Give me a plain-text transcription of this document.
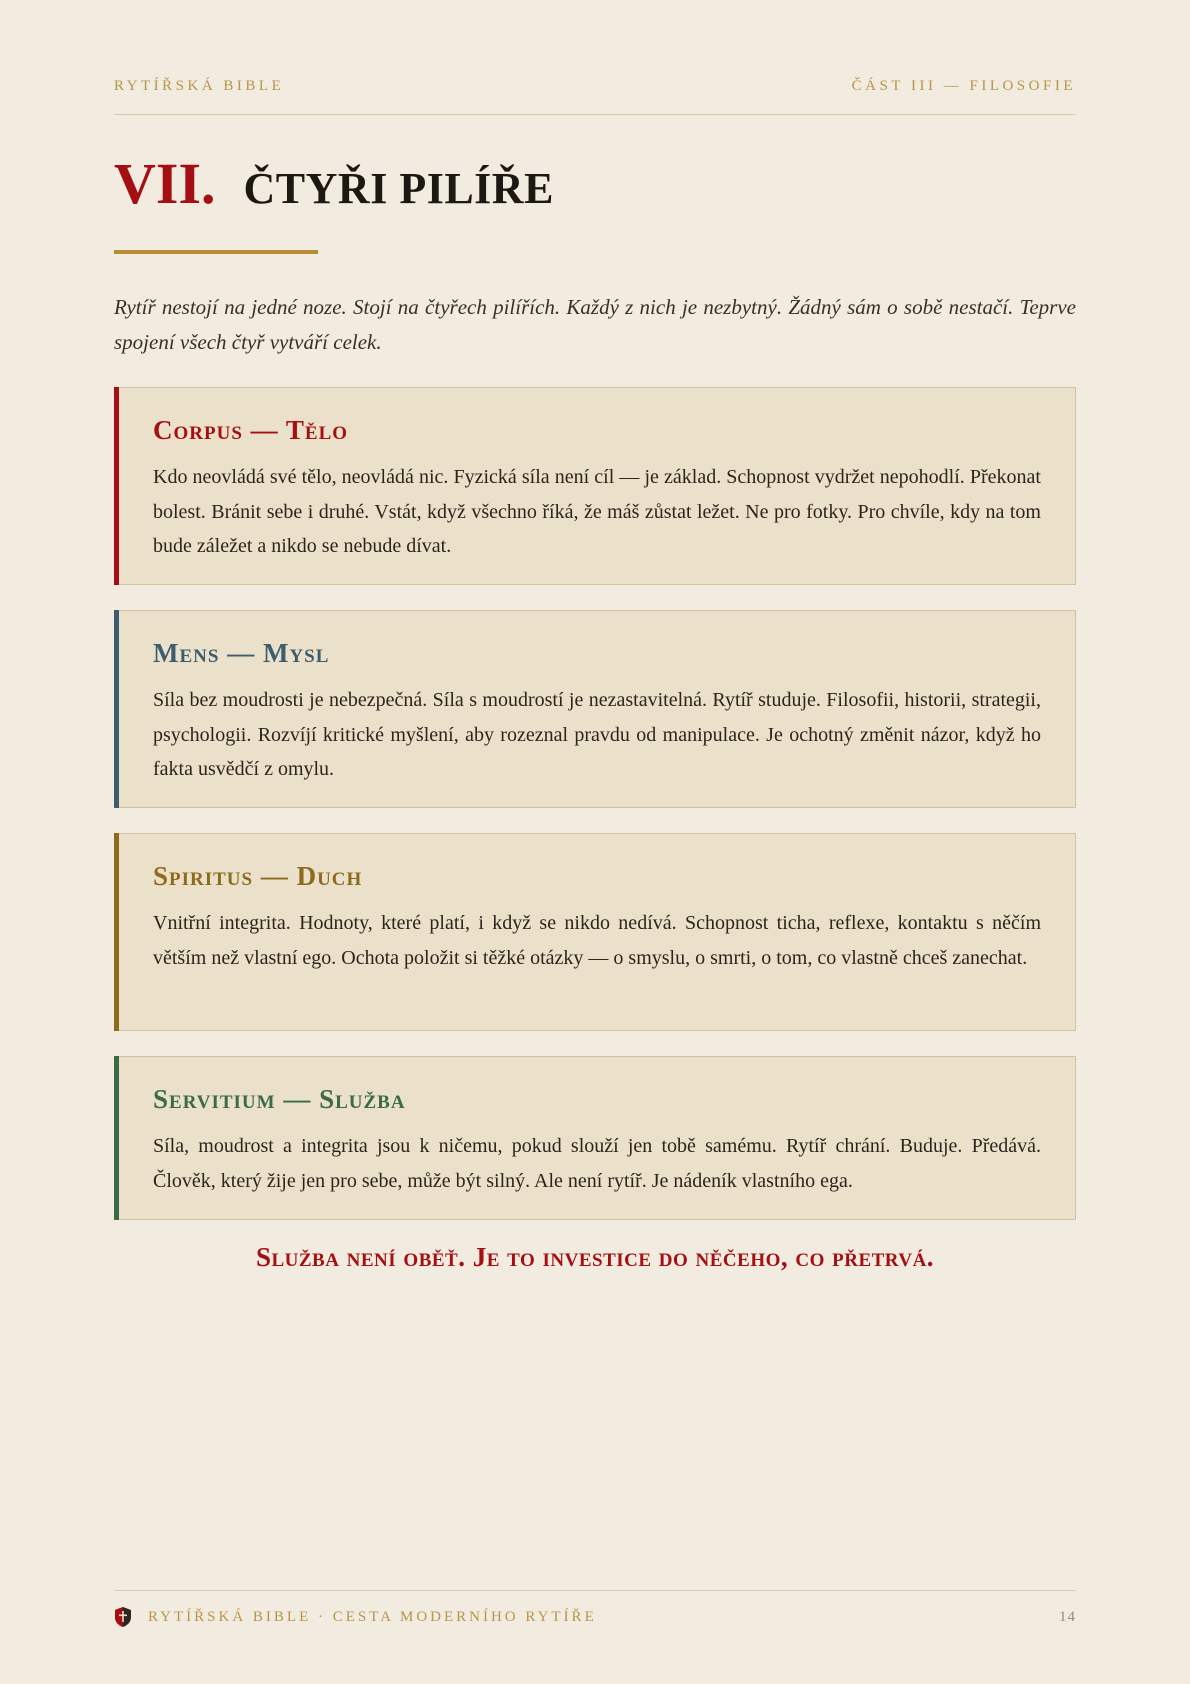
RYTÍŘSKÁ BIBLE	ČÁST III — FILOSOFIE
VII. ČTYŘI PILÍŘE
Rytíř nestojí na jedné noze. Stojí na čtyřech pilířích. Každý z nich je nezbytný. Žádný sám o sobě nestačí. Teprve spojení všech čtyř vytváří celek.
Corpus — Tělo

Kdo neovládá své tělo, neovládá nic. Fyzická síla není cíl — je základ. Schopnost vydržet nepohodlí. Překonat bolest. Bránit sebe i druhé. Vstát, když všechno říká, že máš zůstat ležet. Ne pro fotky. Pro chvíle, kdy na tom bude záležet a nikdo se nebude dívat.

Mens — Mysl

Síla bez moudrosti je nebezpečná. Síla s moudrostí je nezastavitelná. Rytíř studuje. Filosofii, historii, strategii, psychologii. Rozvíjí kritické myšlení, aby rozeznal pravdu od manipulace. Je ochotný změnit názor, když ho fakta usvědčí z omylu.

Spiritus — Duch

Vnitřní integrita. Hodnoty, které platí, i když se nikdo nedívá. Schopnost ticha, reflexe, kontaktu s něčím větším než vlastní ego. Ochota položit si těžké otázky — o smyslu, o smrti, o tom, co vlastně chceš zanechat.

Servitium — Služba

Síla, moudrost a integrita jsou k ničemu, pokud slouží jen tobě samému. Rytíř chrání. Buduje. Předává. Člověk, který žije jen pro sebe, může být silný. Ale není rytíř. Je nádeník vlastního ega.

Služba není oběť. Je to investice do něčeho, co přetrvá.
RYTÍŘSKÁ BIBLE · CESTA MODERNÍHO RYTÍŘE	14
